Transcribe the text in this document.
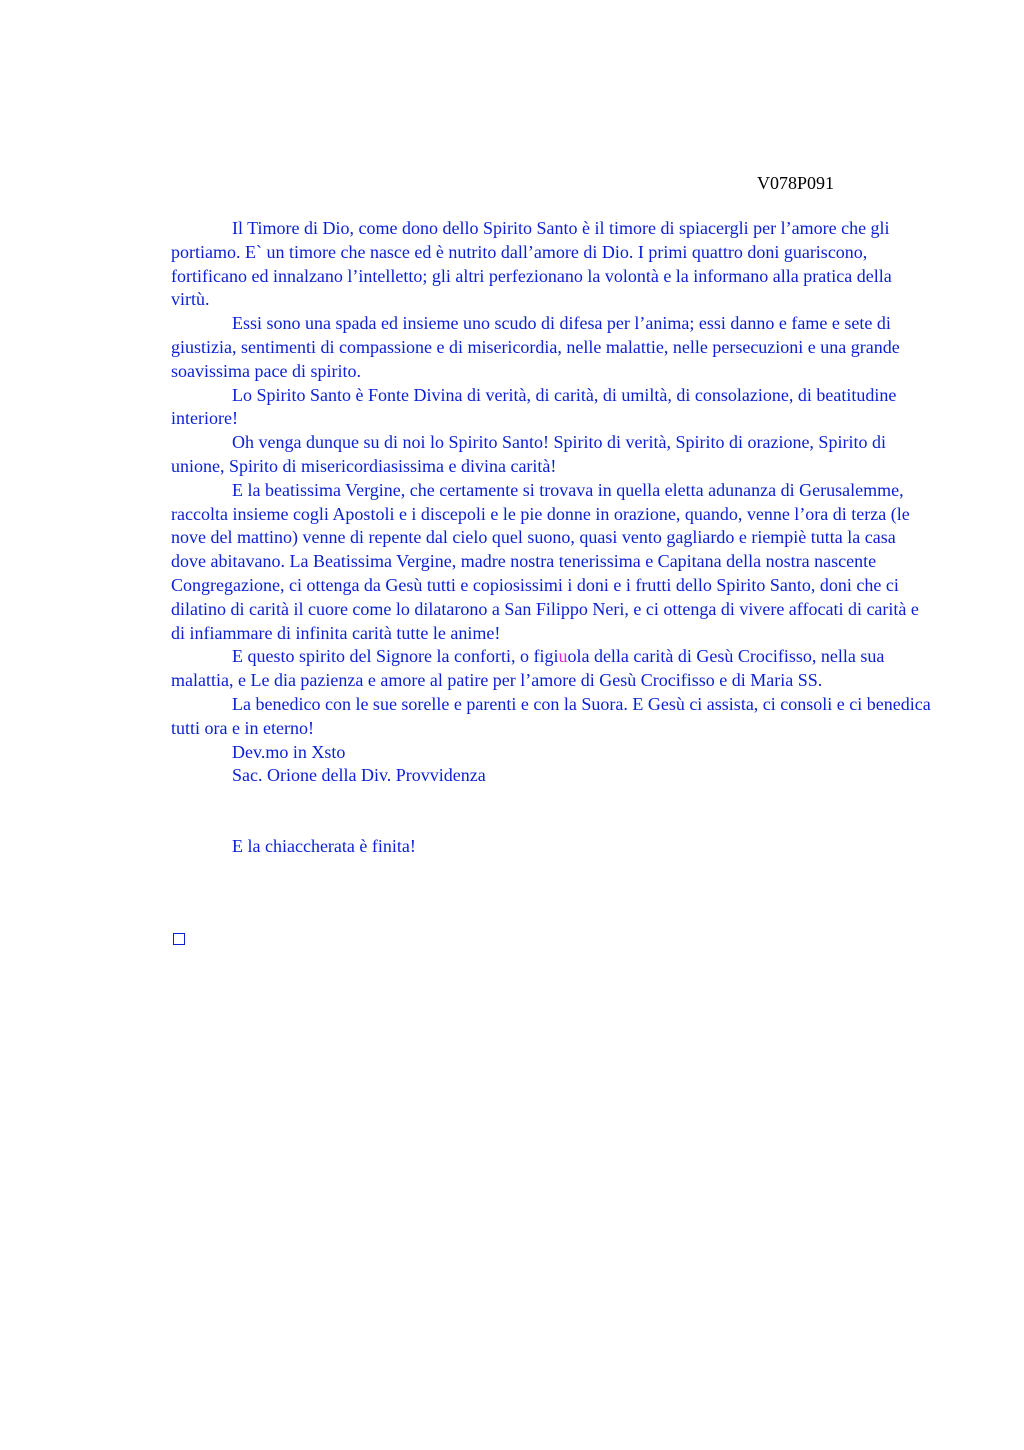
V078P091

Il Timore di Dio, come dono dello Spirito Santo è il timore di spiacergli per l’amore che gli portiamo. E` un timore che nasce ed è nutrito dall’amore di Dio. I primi quattro doni guariscono, fortificano ed innalzano l’intelletto; gli altri perfezionano la volontà e la informano alla pratica della virtù.

Essi sono una spada ed insieme uno scudo di difesa per l’anima; essi danno e fame e sete di giustizia, sentimenti di compassione e di misericordia, nelle malattie, nelle persecuzioni e una grande soavissima pace di spirito.

Lo Spirito Santo è Fonte Divina di verità, di carità, di umiltà, di consolazione, di beatitudine interiore!

Oh venga dunque su di noi lo Spirito Santo! Spirito di verità, Spirito di orazione, Spirito di unione, Spirito di misericordiasissima e divina carità!

E la beatissima Vergine, che certamente si trovava in quella eletta adunanza di Gerusalemme, raccolta insieme cogli Apostoli e i discepoli e le pie donne in orazione, quando, venne l’ora di terza (le nove del mattino) venne di repente dal cielo quel suono, quasi vento gagliardo e riempiè tutta la casa dove abitavano. La Beatissima Vergine, madre nostra tenerissima e Capitana della nostra nascente Congregazione, ci ottenga da Gesù tutti e copiosissimi i doni e i frutti dello Spirito Santo, doni che ci dilatino di carità il cuore come lo dilatarono a San Filippo Neri, e ci ottenga di vivere affocati di carità e di infiammare di infinita carità tutte le anime!

E questo spirito del Signore la conforti, o figiuola della carità di Gesù Crocifisso, nella sua malattia, e Le dia pazienza e amore al patire per l’amore di Gesù Crocifisso e di Maria SS.

La benedico con le sue sorelle e parenti e con la Suora. E Gesù ci assista, ci consoli e ci benedica tutti ora e in eterno!

Dev.mo in Xsto
Sac. Orione della Div. Provvidenza
E la chiaccherata è finita!
